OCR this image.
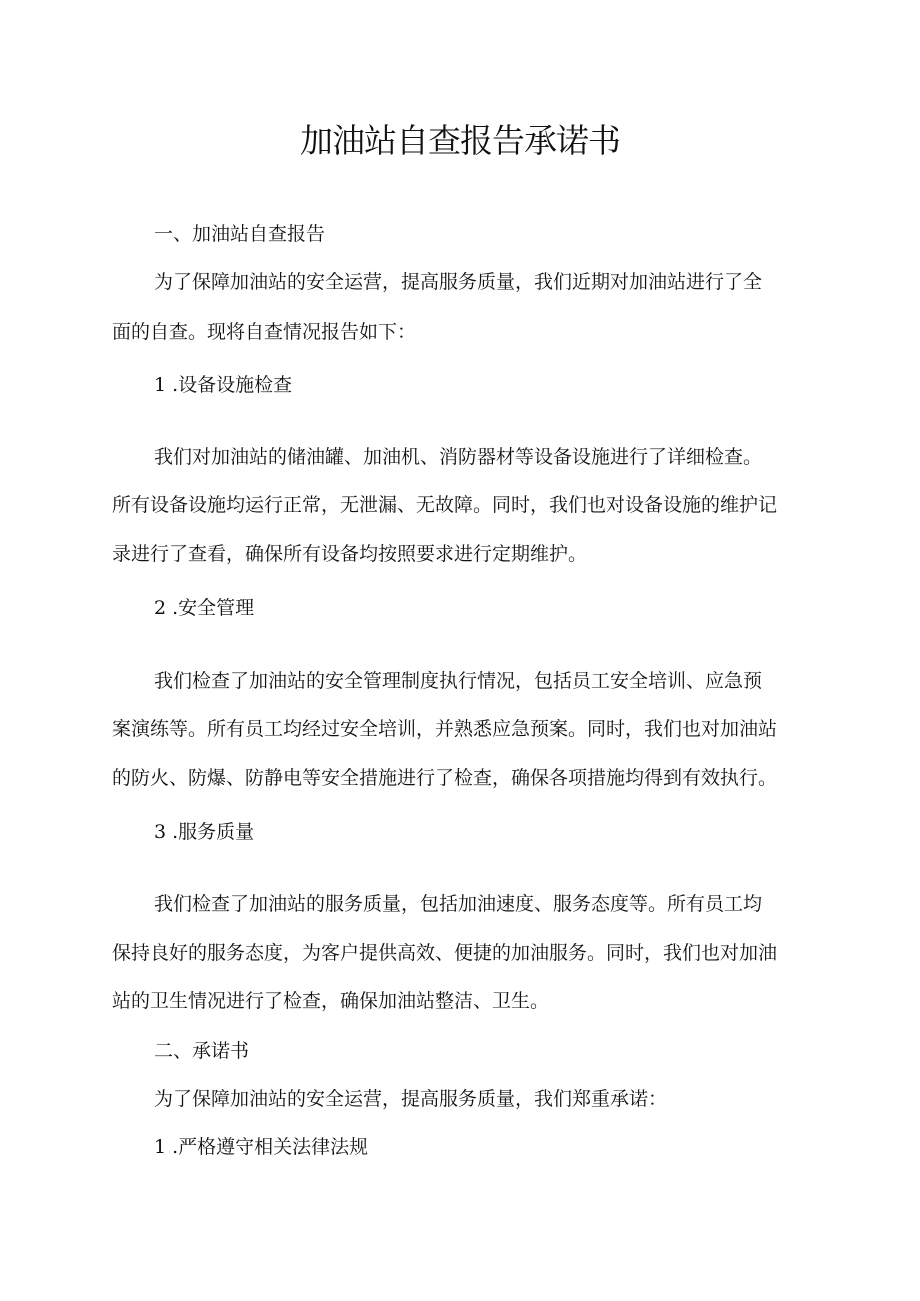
加油站自查报告承诺书

一、加油站自查报告

为了保障加油站的安全运营，提高服务质量，我们近期对加油站进行了全

面的自查。现将自查情况报告如下：

1 .设备设施检查

我们对加油站的储油罐、加油机、消防器材等设备设施进行了详细检查。

所有设备设施均运行正常，无泄漏、无故障。同时，我们也对设备设施的维护记

录进行了查看，确保所有设备均按照要求进行定期维护。

2 .安全管理

我们检查了加油站的安全管理制度执行情况，包括员工安全培训、应急预

案演练等。所有员工均经过安全培训，并熟悉应急预案。同时，我们也对加油站

的防火、防爆、防静电等安全措施进行了检查，确保各项措施均得到有效执行。

3 .服务质量

我们检查了加油站的服务质量，包括加油速度、服务态度等。所有员工均

保持良好的服务态度，为客户提供高效、便捷的加油服务。同时，我们也对加油

站的卫生情况进行了检查，确保加油站整洁、卫生。

二、承诺书

为了保障加油站的安全运营，提高服务质量，我们郑重承诺：

1 .严格遵守相关法律法规
